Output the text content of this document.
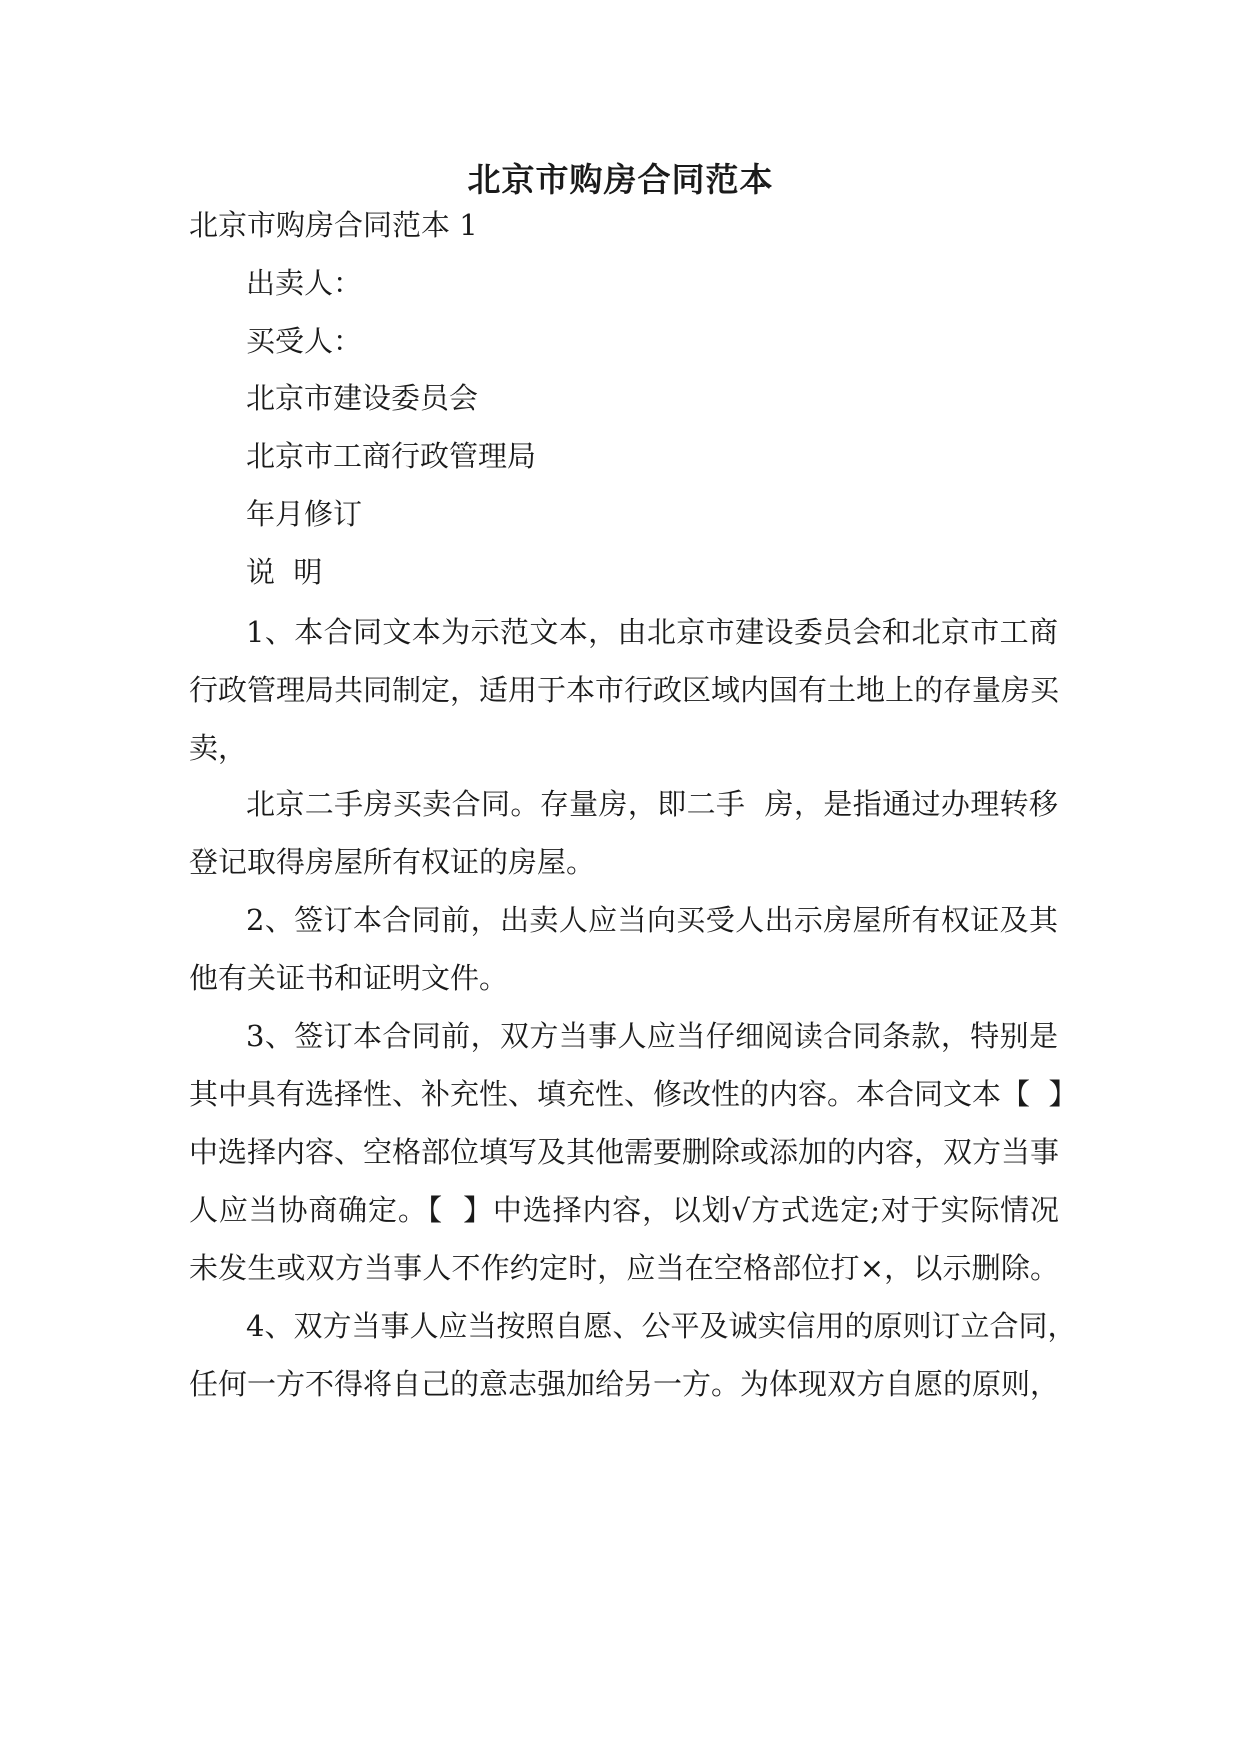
北京市购房合同范本
北京市购房合同范本 1
出卖人：
买受人：
北京市建设委员会
北京市工商行政管理局
年月修订
说  明
1、本合同文本为示范文本，由北京市建设委员会和北京市工商
行政管理局共同制定，适用于本市行政区域内国有土地上的存量房买
卖，
北京二手房买卖合同。存量房，即二手  房，是指通过办理转移
登记取得房屋所有权证的房屋。
2、签订本合同前，出卖人应当向买受人出示房屋所有权证及其
他有关证书和证明文件。
3、签订本合同前，双方当事人应当仔细阅读合同条款，特别是
其中具有选择性、补充性、填充性、修改性的内容。本合同文本【  】
中选择内容、空格部位填写及其他需要删除或添加的内容，双方当事
人应当协商确定。【  】中选择内容，以划√方式选定;对于实际情况
未发生或双方当事人不作约定时，应当在空格部位打×，以示删除。
4、双方当事人应当按照自愿、公平及诚实信用的原则订立合同，
任何一方不得将自己的意志强加给另一方。为体现双方自愿的原则，
